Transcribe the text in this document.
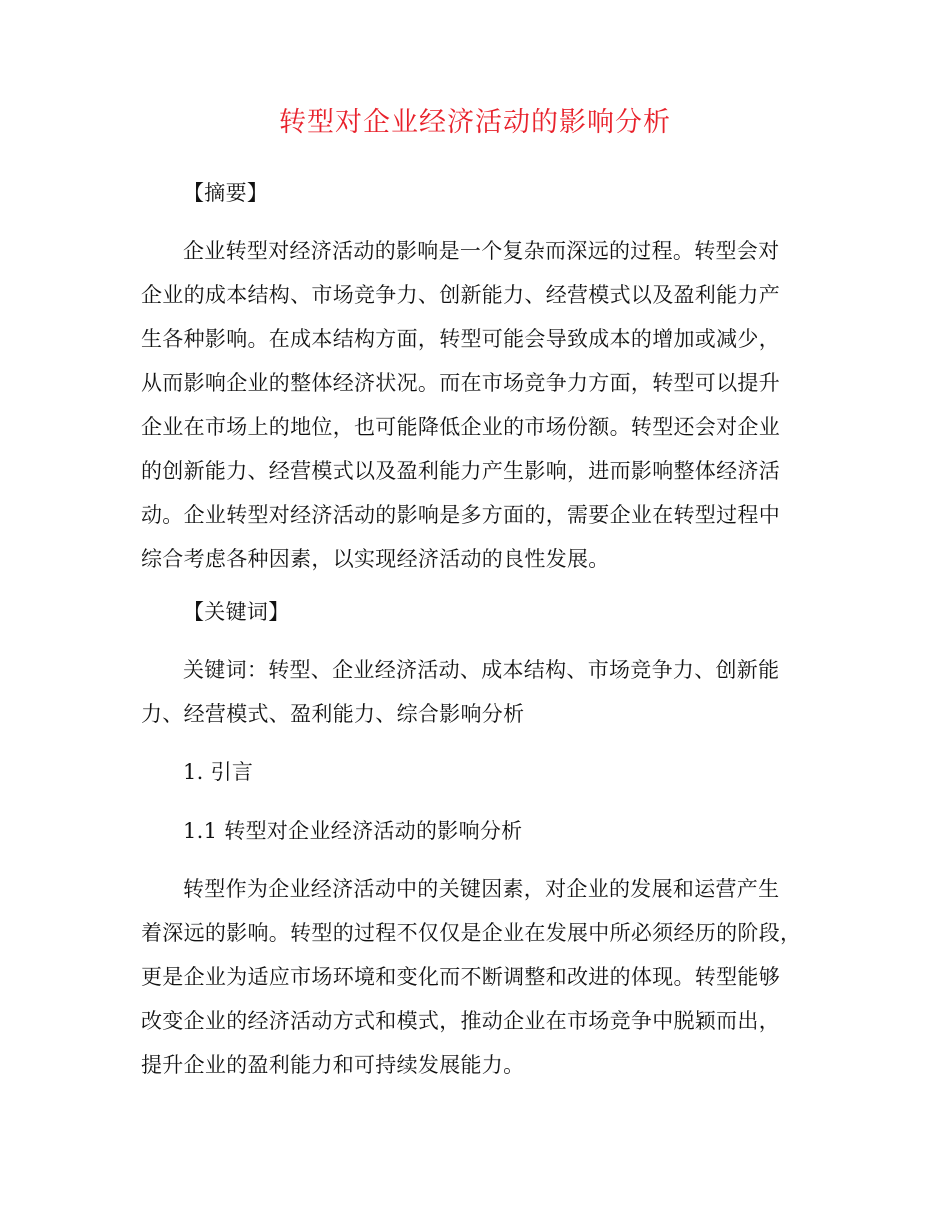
转型对企业经济活动的影响分析
【摘要】
企业转型对经济活动的影响是一个复杂而深远的过程。转型会对
企业的成本结构、市场竞争力、创新能力、经营模式以及盈利能力产
生各种影响。在成本结构方面，转型可能会导致成本的增加或减少，
从而影响企业的整体经济状况。而在市场竞争力方面，转型可以提升
企业在市场上的地位，也可能降低企业的市场份额。转型还会对企业
的创新能力、经营模式以及盈利能力产生影响，进而影响整体经济活
动。企业转型对经济活动的影响是多方面的，需要企业在转型过程中
综合考虑各种因素，以实现经济活动的良性发展。
【关键词】
关键词：转型、企业经济活动、成本结构、市场竞争力、创新能
力、经营模式、盈利能力、综合影响分析
1. 引言
1.1 转型对企业经济活动的影响分析
转型作为企业经济活动中的关键因素，对企业的发展和运营产生
着深远的影响。转型的过程不仅仅是企业在发展中所必须经历的阶段，
更是企业为适应市场环境和变化而不断调整和改进的体现。转型能够
改变企业的经济活动方式和模式，推动企业在市场竞争中脱颖而出，
提升企业的盈利能力和可持续发展能力。
